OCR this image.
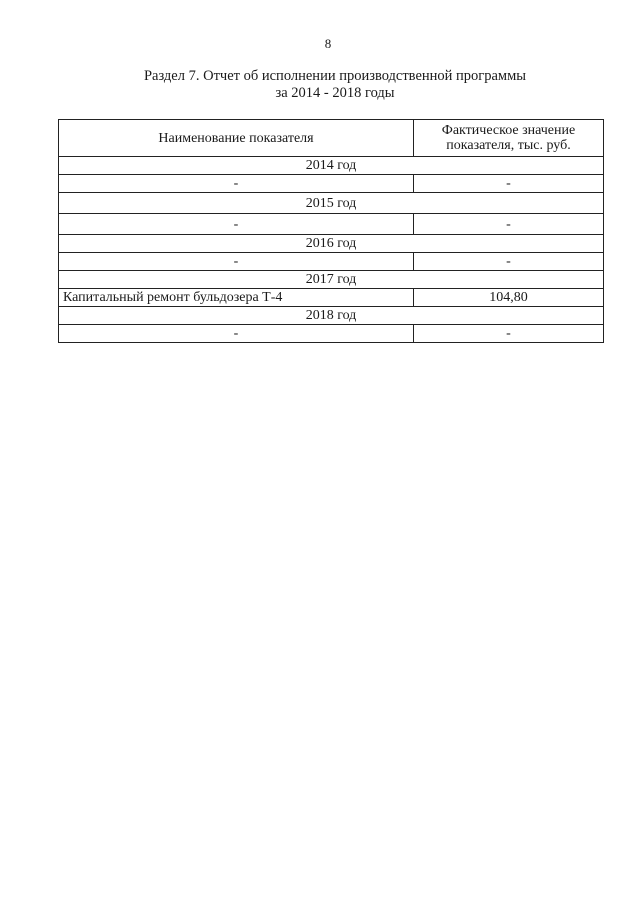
8
Раздел 7. Отчет об исполнении производственной программы
за 2014 - 2018 годы
Наименование показателя	Фактическое значение
показателя, тыс. руб.

2014 год	
-	-
2015 год	
-	-
2016 год	
-	-
2017 год	
Капитальный ремонт бульдозера Т-4	104,80
2018 год	
-	-
